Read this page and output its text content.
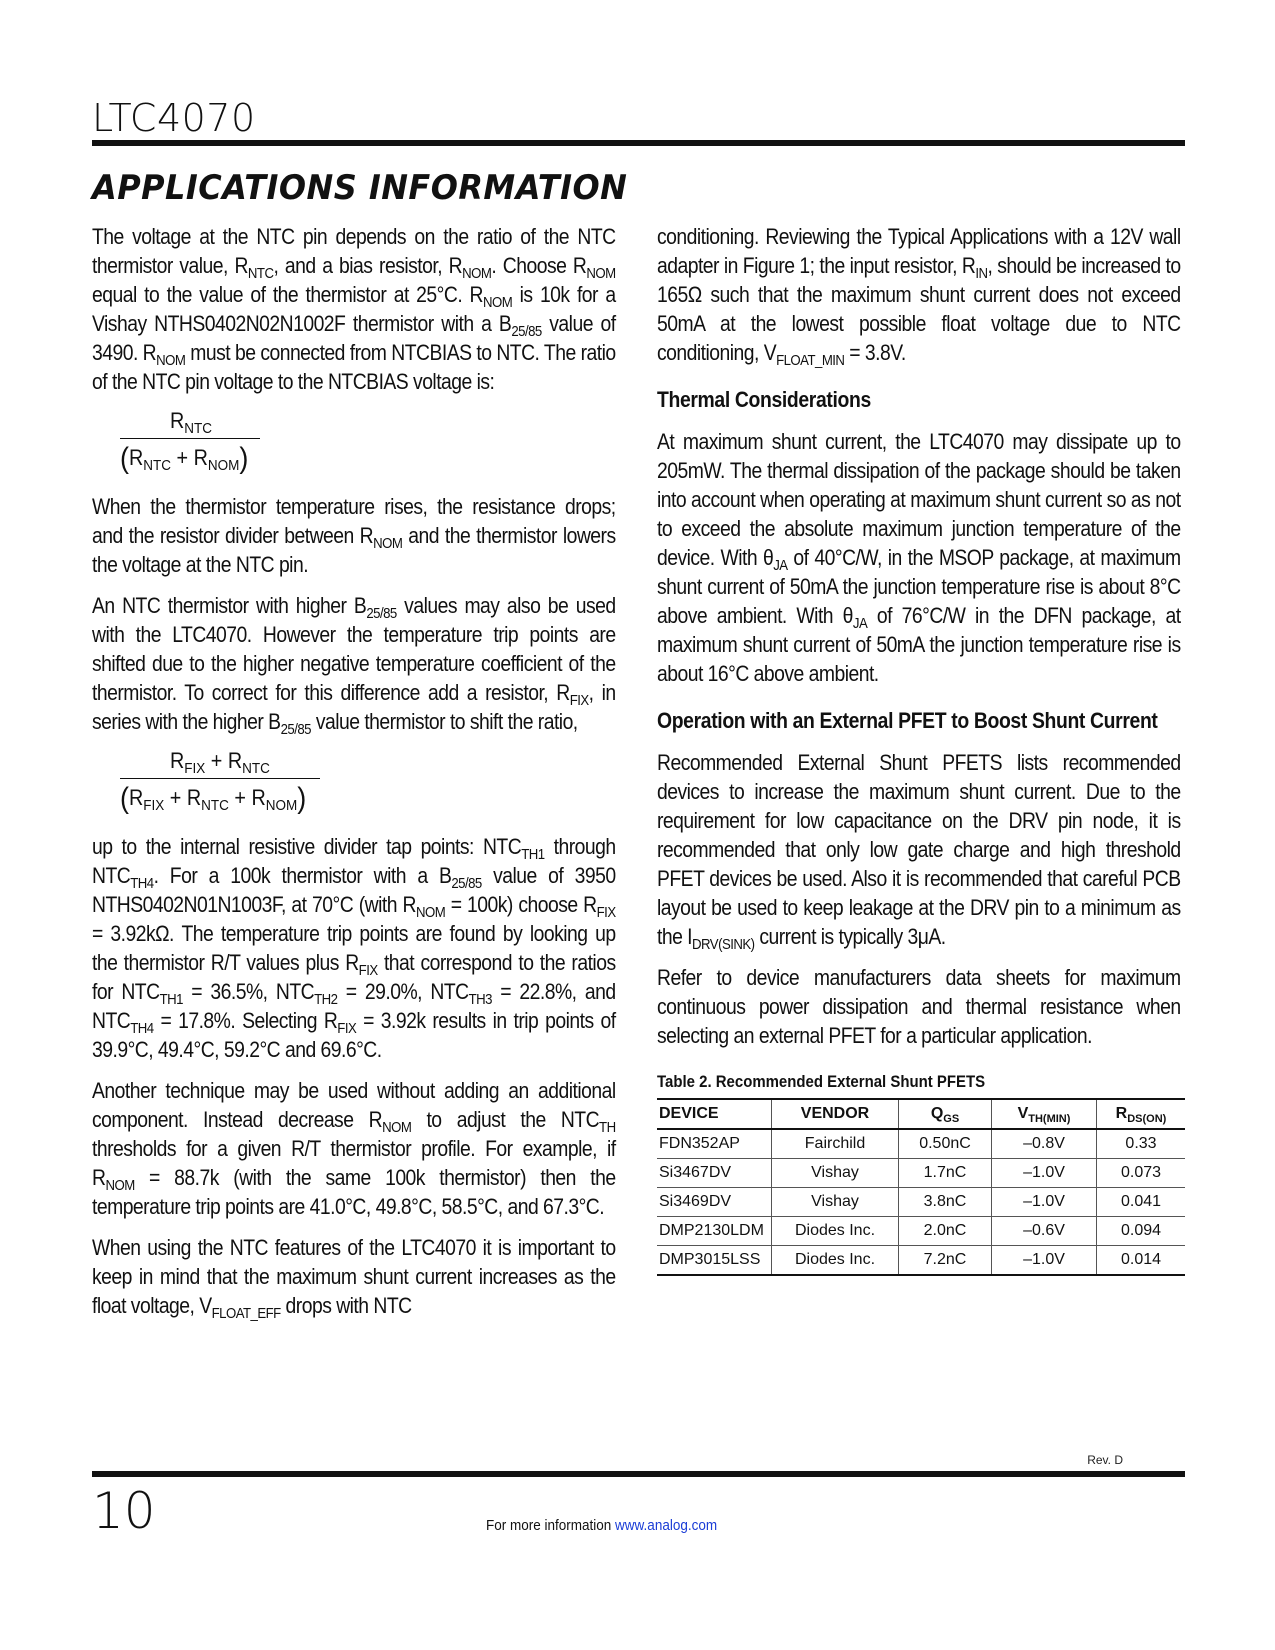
LTC4070
APPLICATIONS INFORMATION

The voltage at the NTC pin depends on the ratio of the NTC thermistor value, $R_{NTC}$, and a bias resistor, $R_{NOM}$. Choose $R_{NOM}$ equal to the value of the thermistor at 25°C. $R_{NOM}$ is 10k for a Vishay NTHS0402N02N1002F thermistor with a $B_{25/85}$ value of 3490. $R_{NOM}$ must be connected from NTCBIAS to NTC. The ratio of the NTC pin voltage to the NTCBIAS voltage is:

$R_{NTC}$
$(R_{NTC} + R_{NOM})$

When the thermistor temperature rises, the resistance drops; and the resistor divider between $R_{NOM}$ and the thermistor lowers the voltage at the NTC pin.

An NTC thermistor with higher $B_{25/85}$ values may also be used with the LTC4070. However the temperature trip points are shifted due to the higher negative temperature coefficient of the thermistor. To correct for this difference add a resistor, $R_{FIX}$, in series with the higher $B_{25/85}$ value thermistor to shift the ratio,

$R_{FIX} + R_{NTC}$
$(R_{FIX} + R_{NTC} + R_{NOM})$

up to the internal resistive divider tap points: $NTC_{TH1}$ through $NTC_{TH4}$. For a 100k thermistor with a $B_{25/85}$ value of 3950 NTHS0402N01N1003F, at 70°C (with $R_{NOM} = 100k$) choose $R_{FIX} = 3.92k\Omega$. The temperature trip points are found by looking up the thermistor R/T values plus $R_{FIX}$ that correspond to the ratios for $NTC_{TH1} = 36.5\%$, $NTC_{TH2} = 29.0\%$, $NTC_{TH3} = 22.8\%$, and $NTC_{TH4} = 17.8\%$. Selecting $R_{FIX} = 3.92k$ results in trip points of 39.9°C, 49.4°C, 59.2°C and 69.6°C.

Another technique may be used without adding an additional component. Instead decrease $R_{NOM}$ to adjust the $NTC_{TH}$ thresholds for a given R/T thermistor profile. For example, if $R_{NOM} = 88.7k$ (with the same 100k thermistor) then the temperature trip points are 41.0°C, 49.8°C, 58.5°C, and 67.3°C.

When using the NTC features of the LTC4070 it is important to keep in mind that the maximum shunt current increases as the float voltage, $V_{FLOAT\_EFF}$ drops with NTC

conditioning. Reviewing the Typical Applications with a 12V wall adapter in Figure 1; the input resistor, $R_{IN}$, should be increased to 165Ω such that the maximum shunt current does not exceed 50mA at the lowest possible float voltage due to NTC conditioning, $V_{FLOAT\_MIN} = 3.8V$.

Thermal Considerations

At maximum shunt current, the LTC4070 may dissipate up to 205mW. The thermal dissipation of the package should be taken into account when operating at maximum shunt current so as not to exceed the absolute maximum junction temperature of the device. With $\theta_{JA}$ of 40°C/W, in the MSOP package, at maximum shunt current of 50mA the junction temperature rise is about 8°C above ambient. With $\theta_{JA}$ of 76°C/W in the DFN package, at maximum shunt current of 50mA the junction temperature rise is about 16°C above ambient.

Operation with an External PFET to Boost Shunt Current

Recommended External Shunt PFETS lists recommended devices to increase the maximum shunt current. Due to the requirement for low capacitance on the DRV pin node, it is recommended that only low gate charge and high threshold PFET devices be used. Also it is recommended that careful PCB layout be used to keep leakage at the DRV pin to a minimum as the $I_{DRV(SINK)}$ current is typically 3μA.

Refer to device manufacturers data sheets for maximum continuous power dissipation and thermal resistance when selecting an external PFET for a particular application.

Table 2. Recommended External Shunt PFETS
DEVICE	VENDOR	$Q_{GS}$	$V_{TH(MIN)}$	$R_{DS(ON)}$
FDN352AP	Fairchild	0.50nC	–0.8V	0.33
Si3467DV	Vishay	1.7nC	–1.0V	0.073
Si3469DV	Vishay	3.8nC	–1.0V	0.041
DMP2130LDM	Diodes Inc.	2.0nC	–0.6V	0.094
DMP3015LSS	Diodes Inc.	7.2nC	–1.0V	0.014
Rev. D
10	For more information www.analog.com
